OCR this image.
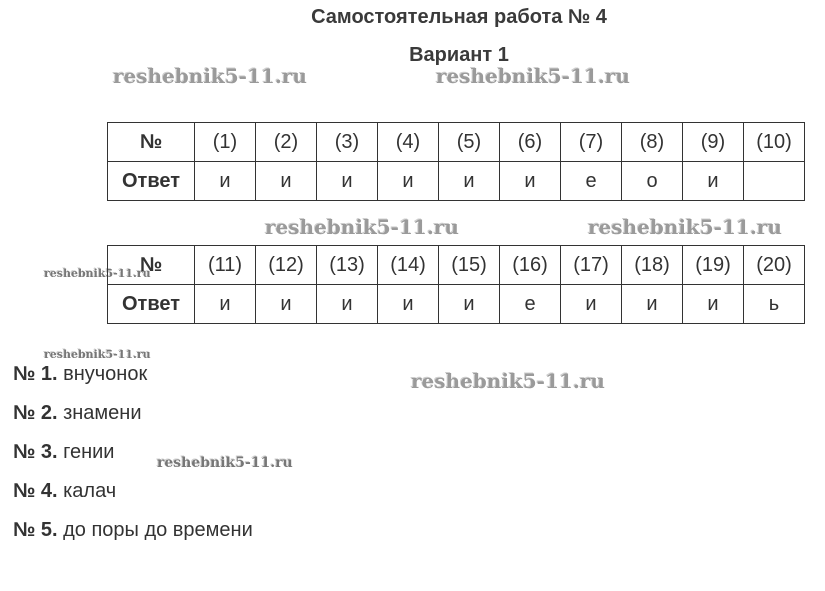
Самостоятельная работа № 4
Вариант 1
reshebnik5-11.ru	reshebnik5-11.ru
reshebnik5-11.ru	reshebnik5-11.ru
reshebnik5-11.ru
reshebnik5-11.ru
reshebnik5-11.ru
reshebnik5-11.ru
№	(1)	(2)	(3)	(4)	(5)	(6)	(7)	(8)	(9)	(10)
Ответ	и	и	и	и	и	и	е	о	и	
№	(11)	(12)	(13)	(14)	(15)	(16)	(17)	(18)	(19)	(20)
Ответ	и	и	и	и	и	е	и	и	и	ь
№ 1. внучонок
№ 2. знамени
№ 3. гении
№ 4. калач
№ 5. до поры до времени
